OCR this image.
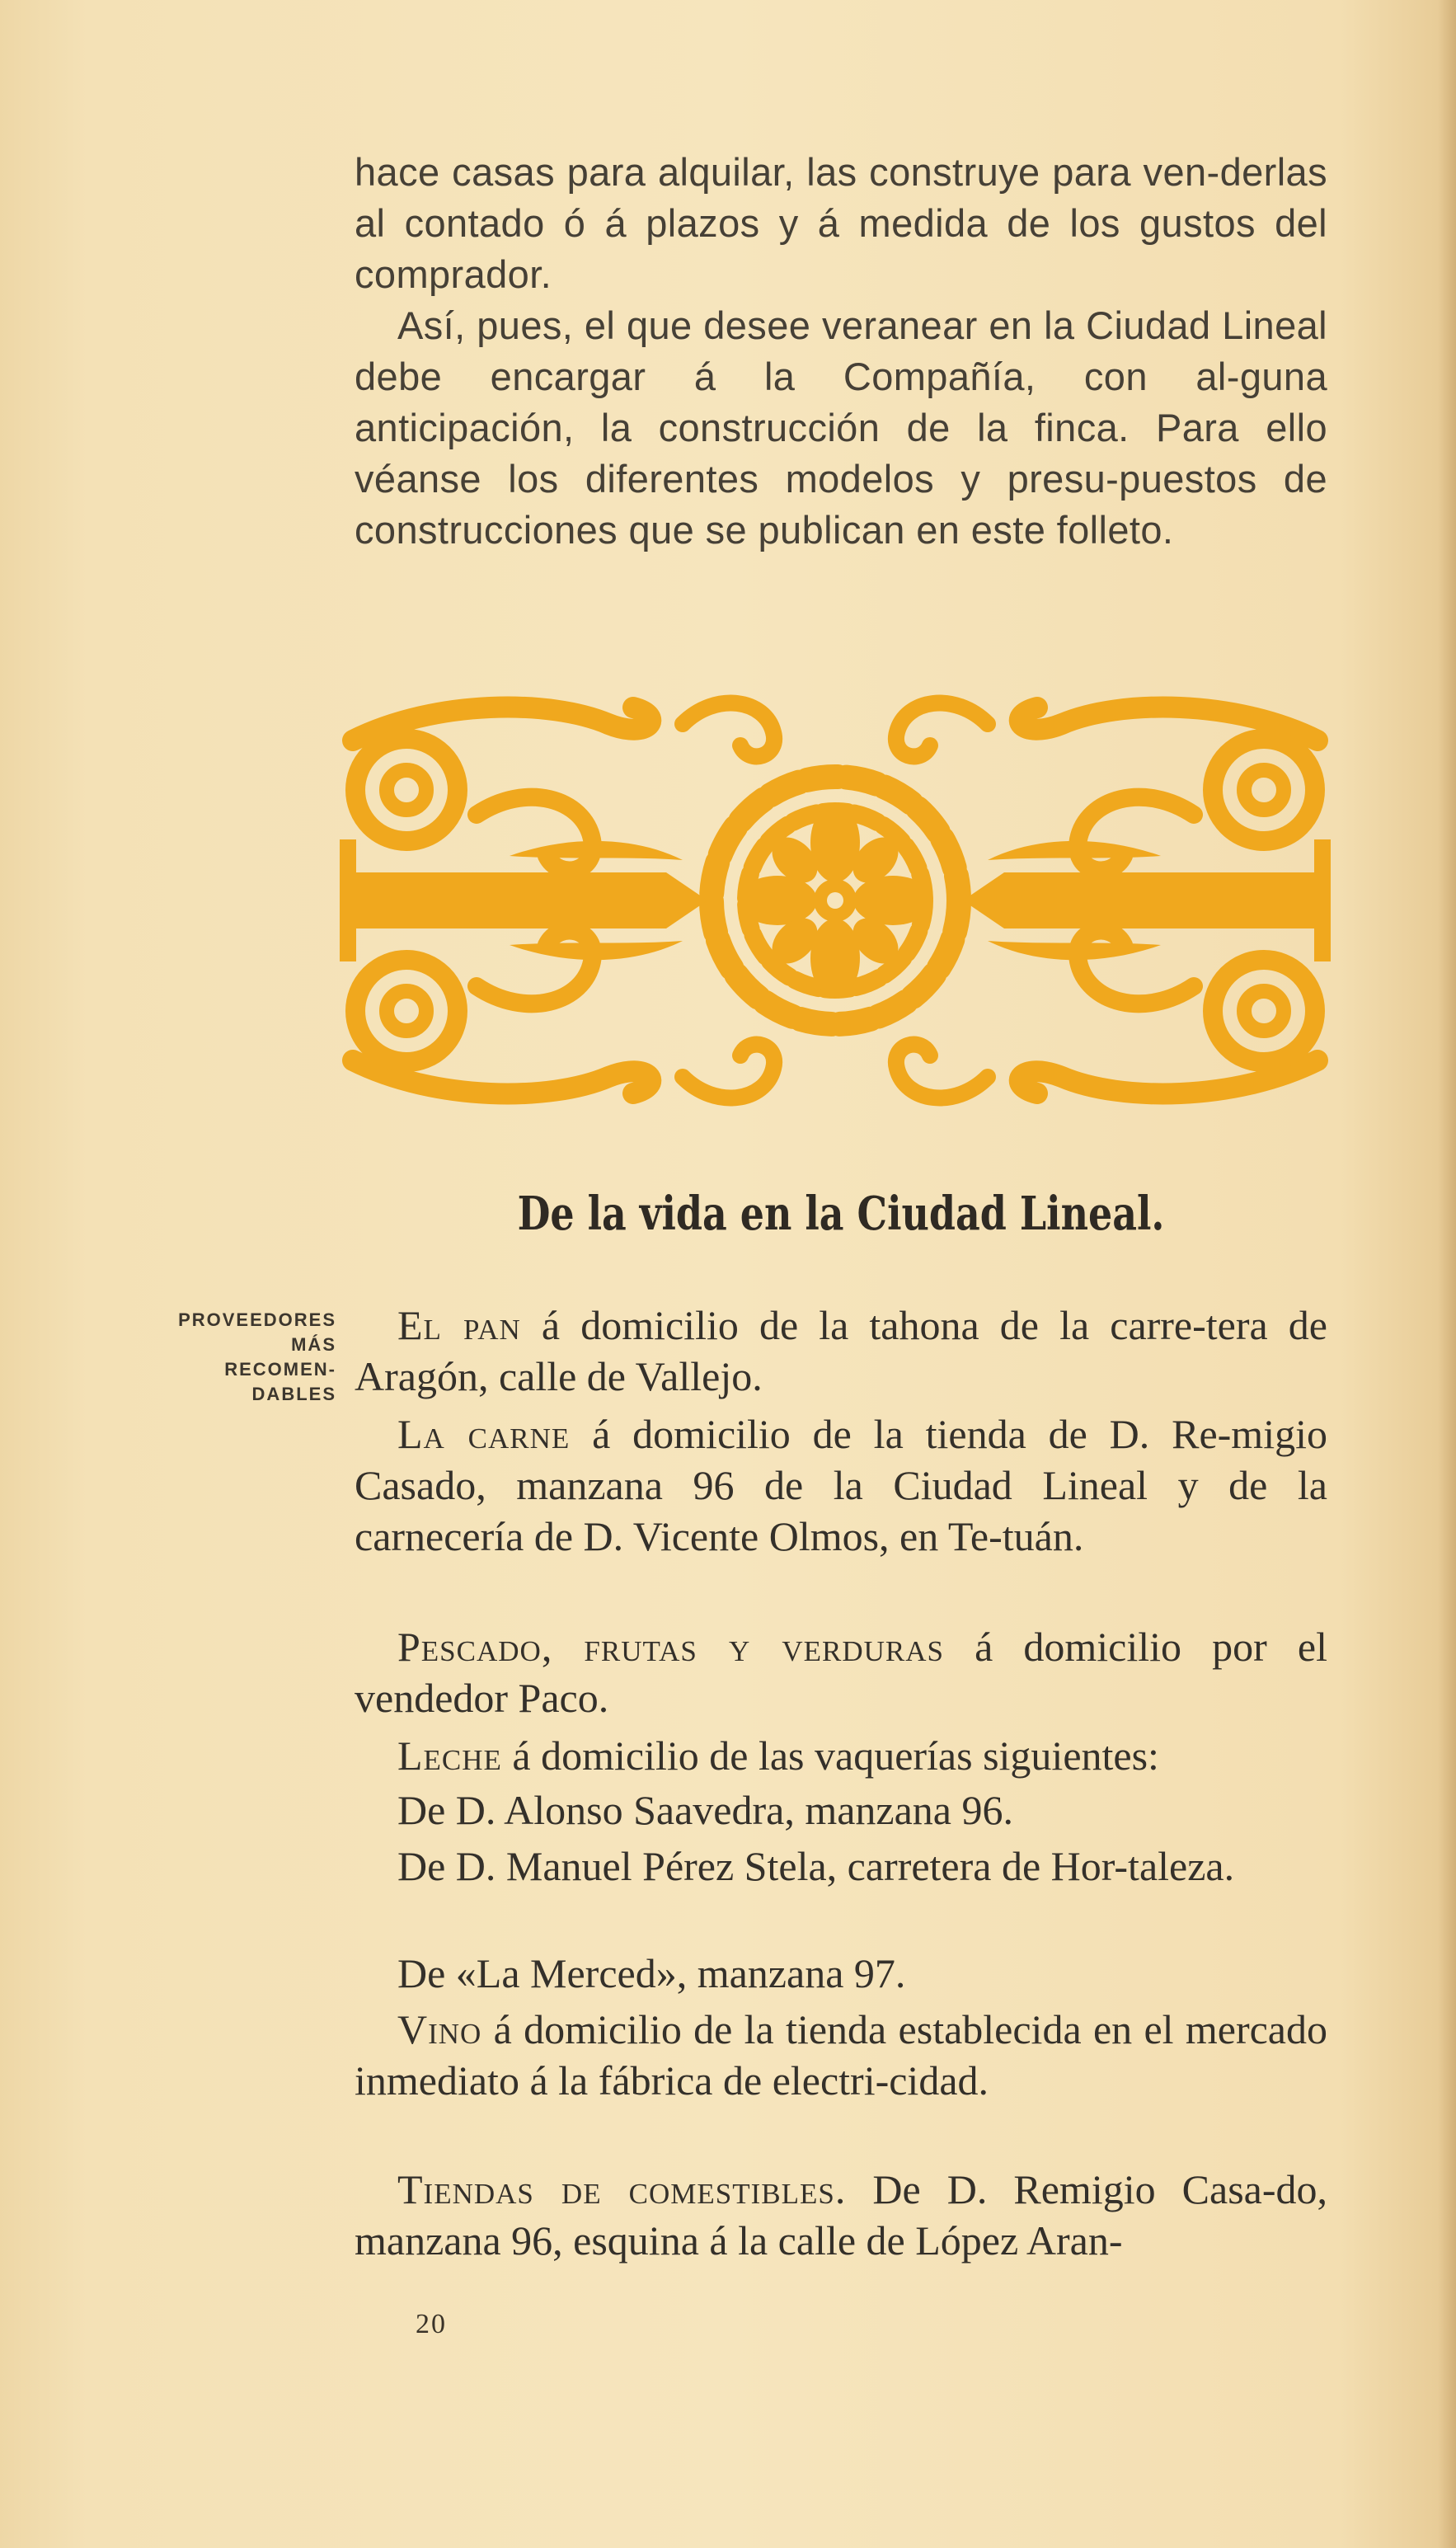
hace casas para alquilar, las construye para ven-derlas al contado ó á plazos y á medida de los gustos del comprador.

Así, pues, el que desee veranear en la Ciudad Lineal debe encargar á la Compañía, con al-guna anticipación, la construcción de la finca. Para ello véanse los diferentes modelos y presu-puestos de construcciones que se publican en este folleto.

De la vida en la Ciudad Lineal.

PROVEEDORES
MÁS
RECOMEN-
DABLES

El pan á domicilio de la tahona de la carre-tera de Aragón, calle de Vallejo.

La carne á domicilio de la tienda de D. Re-migio Casado, manzana 96 de la Ciudad Lineal y de la carnecería de D. Vicente Olmos, en Te-tuán.

Pescado, frutas y verduras á domicilio por el vendedor Paco.

Leche á domicilio de las vaquerías siguientes:

De D. Alonso Saavedra, manzana 96.

De D. Manuel Pérez Stela, carretera de Hor-taleza.

De «La Merced», manzana 97.

Vino á domicilio de la tienda establecida en el mercado inmediato á la fábrica de electri-cidad.

Tiendas de comestibles. De D. Remigio Casa-do, manzana 96, esquina á la calle de López Aran-

20
